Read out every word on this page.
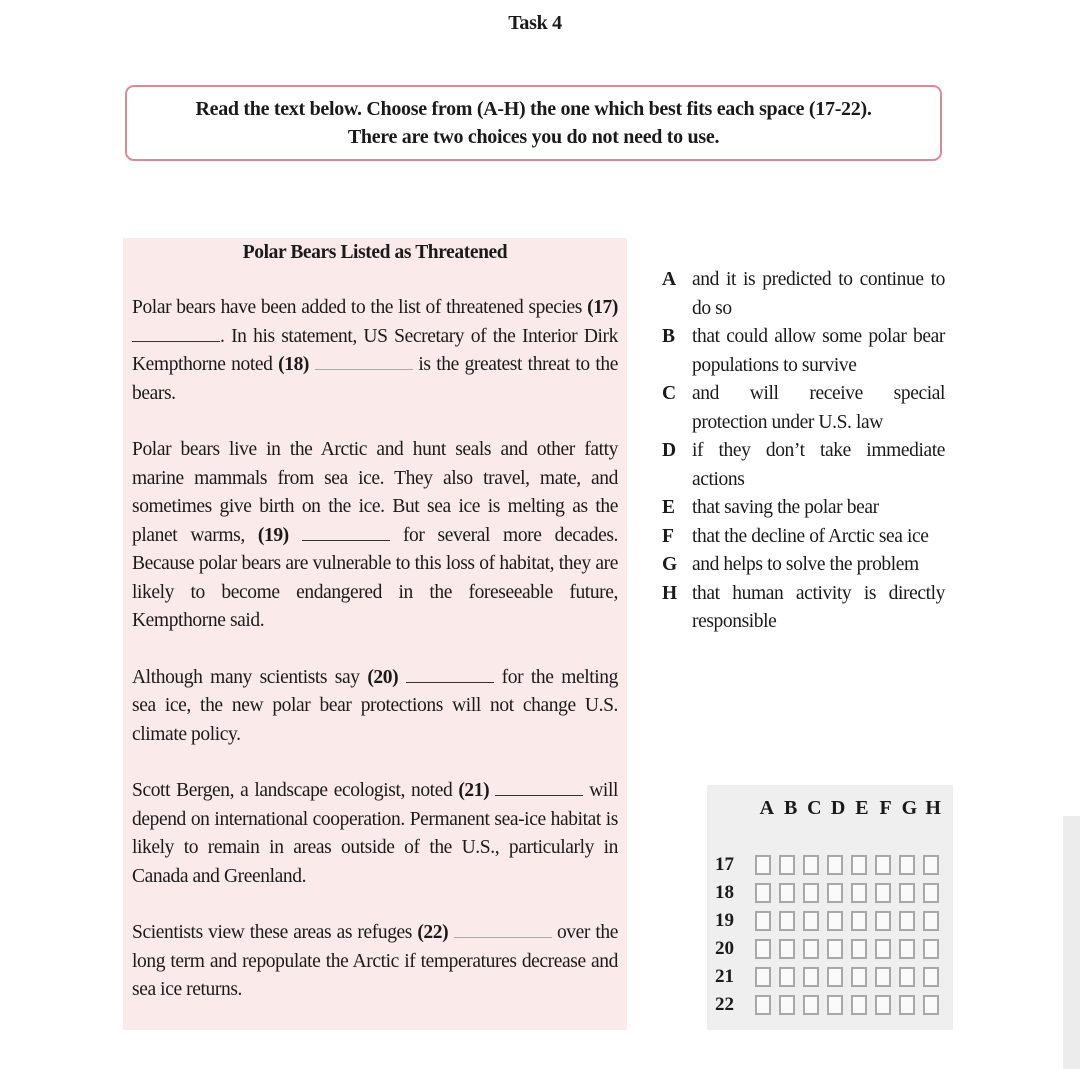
Task 4
Read the text below. Choose from (A-H) the one which best fits each space (17-22).
There are two choices you do not need to use.
Polar Bears Listed as Threatened

Polar bears have been added to the list of threatened species (17) . In his statement, US Secretary of the Interior Dirk Kempthorne noted (18)	is the greatest threat to the bears.

Polar bears live in the Arctic and hunt seals and other fatty marine mammals from sea ice. They also travel, mate, and sometimes give birth on the ice. But sea ice is melting as the planet warms, (19)	for several more decades. Because polar bears are vulnerable to this loss of habitat, they are likely to become endangered in the foreseeable future, Kempthorne said.

Although many scientists say (20)	for the melting sea ice, the new polar bear protections will not change U.S. climate policy.

Scott Bergen, a landscape ecologist, noted (21)	will depend on international cooperation. Permanent sea-ice habitat is likely to remain in areas outside of the U.S., particularly in Canada and Greenland.

Scientists view these areas as refuges (22)	over the long term and repopulate the Arctic if temperatures decrease and sea ice returns.

A and it is predicted to continue to do so
B that could allow some polar bear populations to survive
C and will receive special protection under U.S. law
D if they don’t take immediate actions
E that saving the polar bear
F that the decline of Arctic sea ice
G and helps to solve the problem
H that human activity is directly responsible
A B C D E F G H
17
18
19
20
21
22
